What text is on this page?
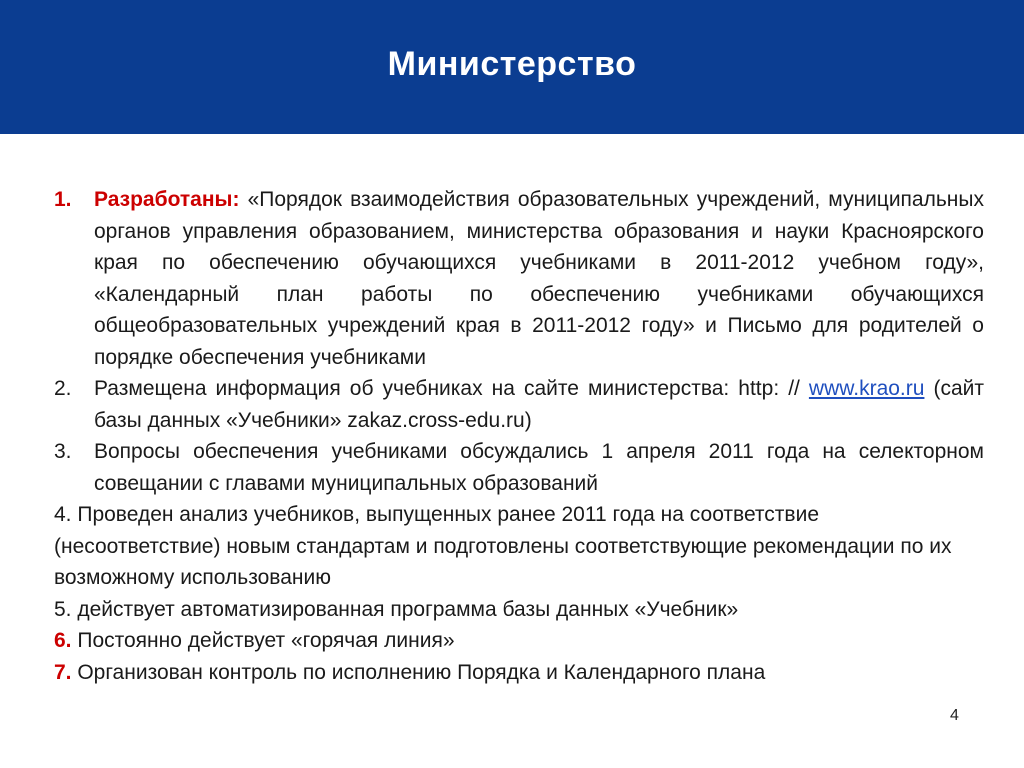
Министерство
1. Разработаны: «Порядок взаимодействия образовательных учреждений, муниципальных органов управления образованием, министерства образования и науки Красноярского края по обеспечению обучающихся учебниками в 2011-2012 учебном году», «Календарный план работы по обеспечению учебниками обучающихся общеобразовательных учреждений края в 2011-2012 году» и Письмо для родителей о порядке обеспечения учебниками
2. Размещена информация об учебниках на сайте министерства: http: // www.krao.ru (сайт базы данных «Учебники» zakaz.cross-edu.ru)
3. Вопросы обеспечения учебниками обсуждались 1 апреля 2011 года на селекторном совещании с главами муниципальных образований
4. Проведен анализ учебников, выпущенных ранее 2011 года на соответствие (несоответствие) новым стандартам и подготовлены соответствующие рекомендации по их возможному использованию
5. действует автоматизированная программа базы данных «Учебник»
6. Постоянно действует «горячая линия»
7. Организован контроль по исполнению Порядка и Календарного плана
4
